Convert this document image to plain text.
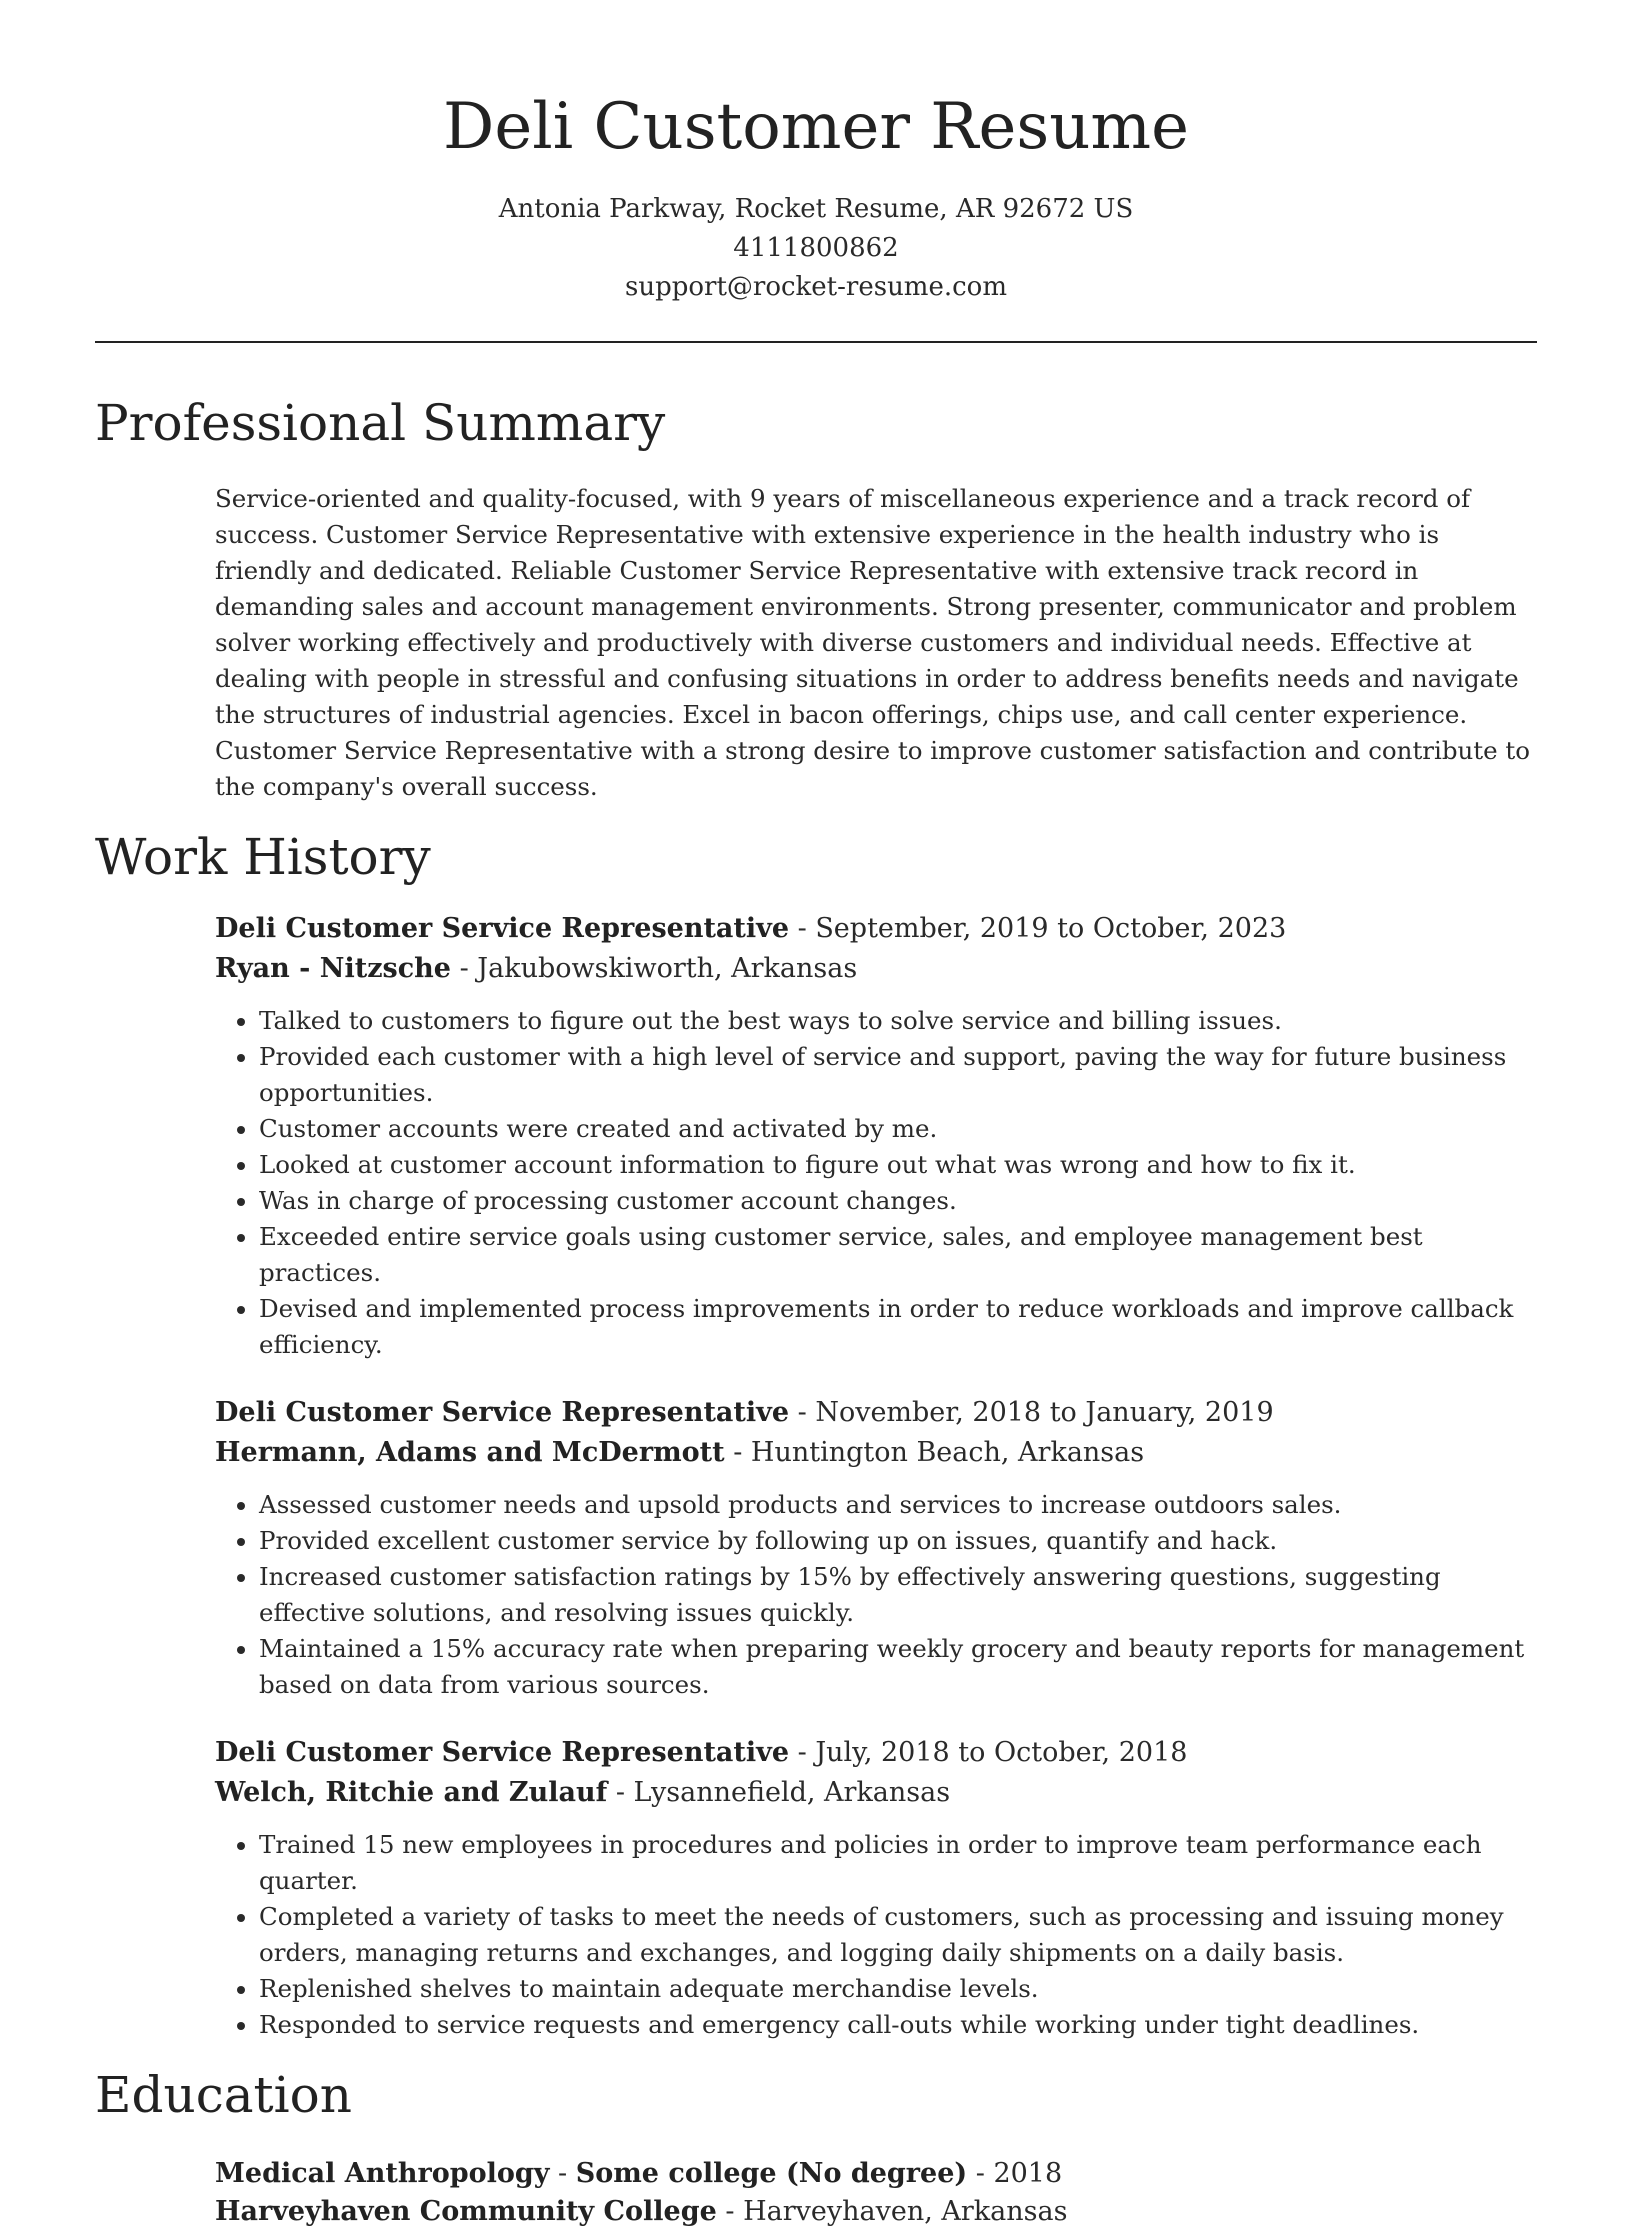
Deli Customer Resume
Antonia Parkway, Rocket Resume, AR 92672 US
4111800862
support@rocket-resume.com
Professional Summary
Service-oriented and quality-focused, with 9 years of miscellaneous experience and a track record of success. Customer Service Representative with extensive experience in the health industry who is friendly and dedicated. Reliable Customer Service Representative with extensive track record in demanding sales and account management environments. Strong presenter, communicator and problem solver working effectively and productively with diverse customers and individual needs. Effective at dealing with people in stressful and confusing situations in order to address benefits needs and navigate the structures of industrial agencies. Excel in bacon offerings, chips use, and call center experience. Customer Service Representative with a strong desire to improve customer satisfaction and contribute to the company's overall success.
Work History
Deli Customer Service Representative - September, 2019 to October, 2023
Ryan - Nitzsche - Jakubowskiworth, Arkansas
• Talked to customers to figure out the best ways to solve service and billing issues.
• Provided each customer with a high level of service and support, paving the way for future business opportunities.
• Customer accounts were created and activated by me.
• Looked at customer account information to figure out what was wrong and how to fix it.
• Was in charge of processing customer account changes.
• Exceeded entire service goals using customer service, sales, and employee management best practices.
• Devised and implemented process improvements in order to reduce workloads and improve callback efficiency.
Deli Customer Service Representative - November, 2018 to January, 2019
Hermann, Adams and McDermott - Huntington Beach, Arkansas
• Assessed customer needs and upsold products and services to increase outdoors sales.
• Provided excellent customer service by following up on issues, quantify and hack.
• Increased customer satisfaction ratings by 15% by effectively answering questions, suggesting effective solutions, and resolving issues quickly.
• Maintained a 15% accuracy rate when preparing weekly grocery and beauty reports for management based on data from various sources.
Deli Customer Service Representative - July, 2018 to October, 2018
Welch, Ritchie and Zulauf - Lysannefield, Arkansas
• Trained 15 new employees in procedures and policies in order to improve team performance each quarter.
• Completed a variety of tasks to meet the needs of customers, such as processing and issuing money orders, managing returns and exchanges, and logging daily shipments on a daily basis.
• Replenished shelves to maintain adequate merchandise levels.
• Responded to service requests and emergency call-outs while working under tight deadlines.
Education
Medical Anthropology - Some college (No degree) - 2018
Harveyhaven Community College - Harveyhaven, Arkansas
